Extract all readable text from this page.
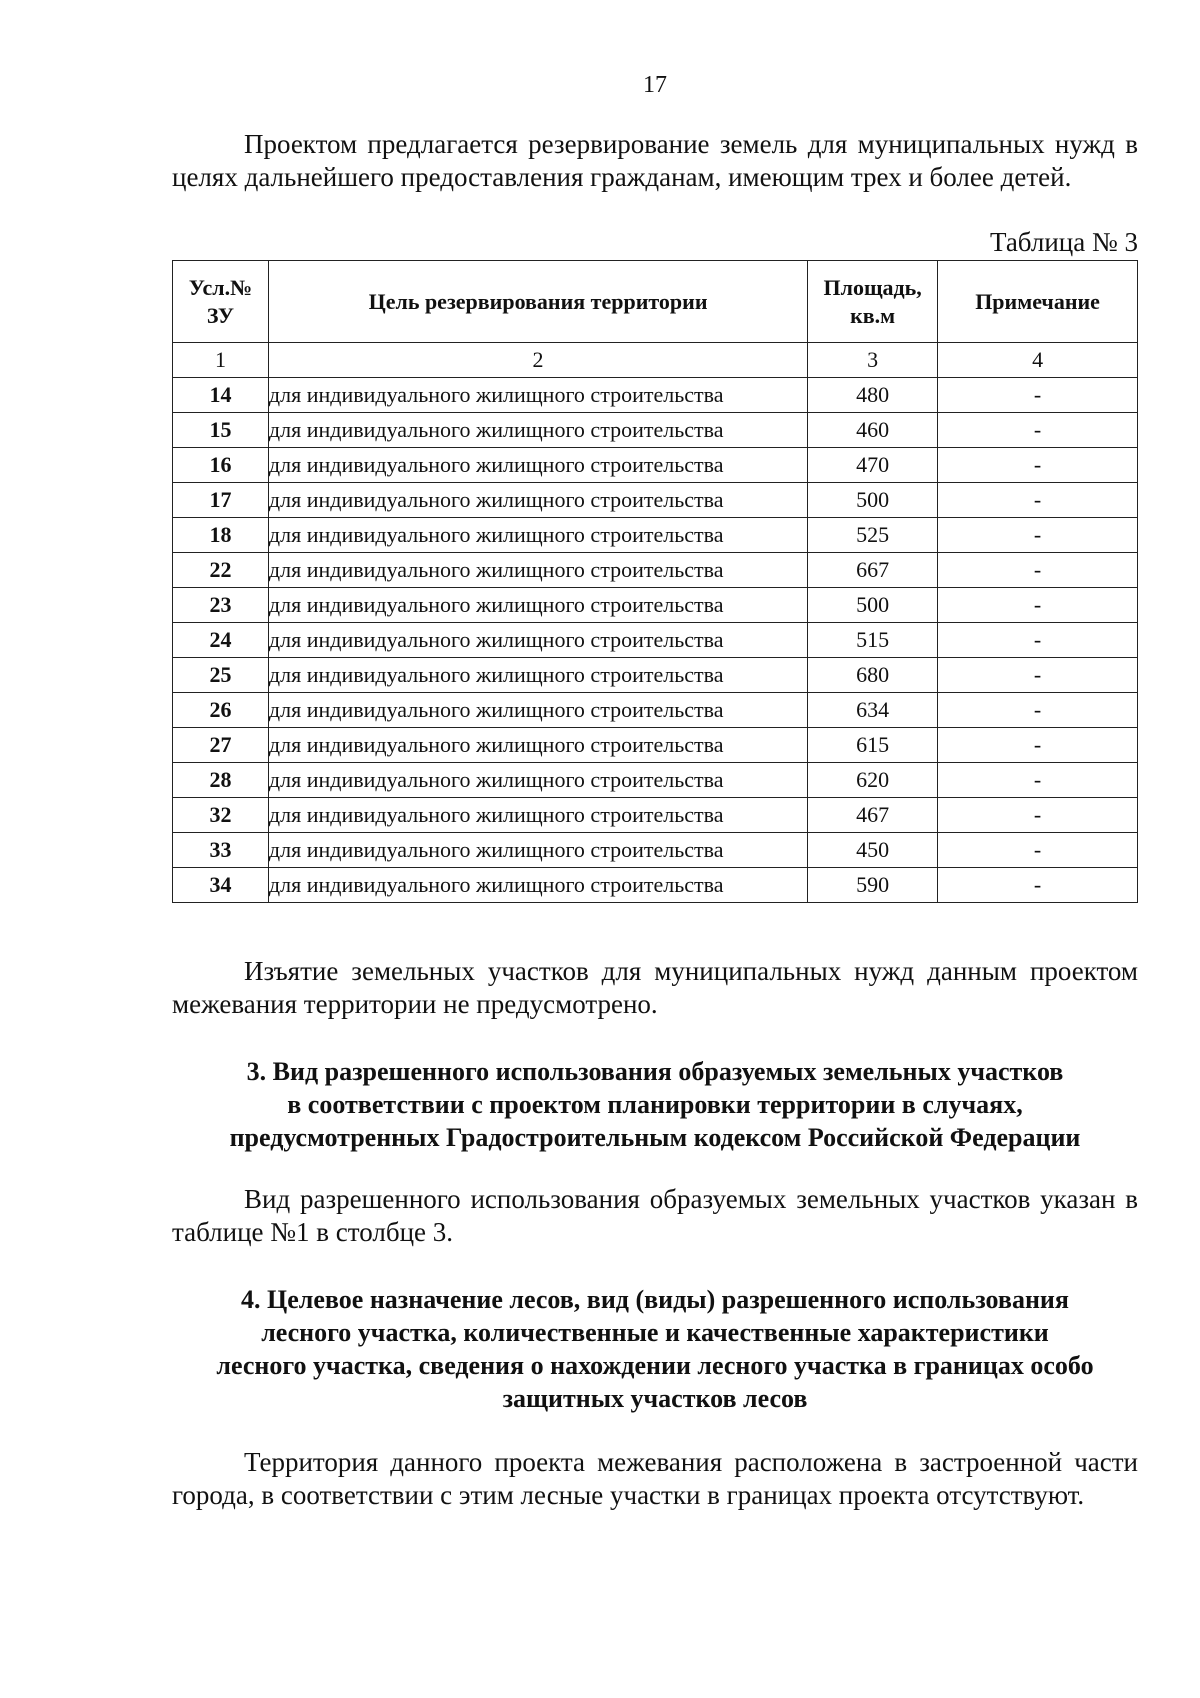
17

Проектом предлагается резервирование земель для муниципальных нужд в целях дальнейшего предоставления гражданам, имеющим трех и более детей.

Таблица № 3
Усл.№ ЗУ	Цель резервирования территории	Площадь, кв.м	Примечание
1	2	3	4
14	для индивидуального жилищного строительства	480	-
15	для индивидуального жилищного строительства	460	-
16	для индивидуального жилищного строительства	470	-
17	для индивидуального жилищного строительства	500	-
18	для индивидуального жилищного строительства	525	-
22	для индивидуального жилищного строительства	667	-
23	для индивидуального жилищного строительства	500	-
24	для индивидуального жилищного строительства	515	-
25	для индивидуального жилищного строительства	680	-
26	для индивидуального жилищного строительства	634	-
27	для индивидуального жилищного строительства	615	-
28	для индивидуального жилищного строительства	620	-
32	для индивидуального жилищного строительства	467	-
33	для индивидуального жилищного строительства	450	-
34	для индивидуального жилищного строительства	590	-

Изъятие земельных участков для муниципальных нужд данным проектом межевания территории не предусмотрено.

3. Вид разрешенного использования образуемых земельных участков
в соответствии с проектом планировки территории в случаях,
предусмотренных Градостроительным кодексом Российской Федерации

Вид разрешенного использования образуемых земельных участков указан в таблице №1 в столбце 3.

4. Целевое назначение лесов, вид (виды) разрешенного использования
лесного участка, количественные и качественные характеристики
лесного участка, сведения о нахождении лесного участка в границах особо
защитных участков лесов

Территория данного проекта межевания расположена в застроенной части города, в соответствии с этим лесные участки в границах проекта отсутствуют.
